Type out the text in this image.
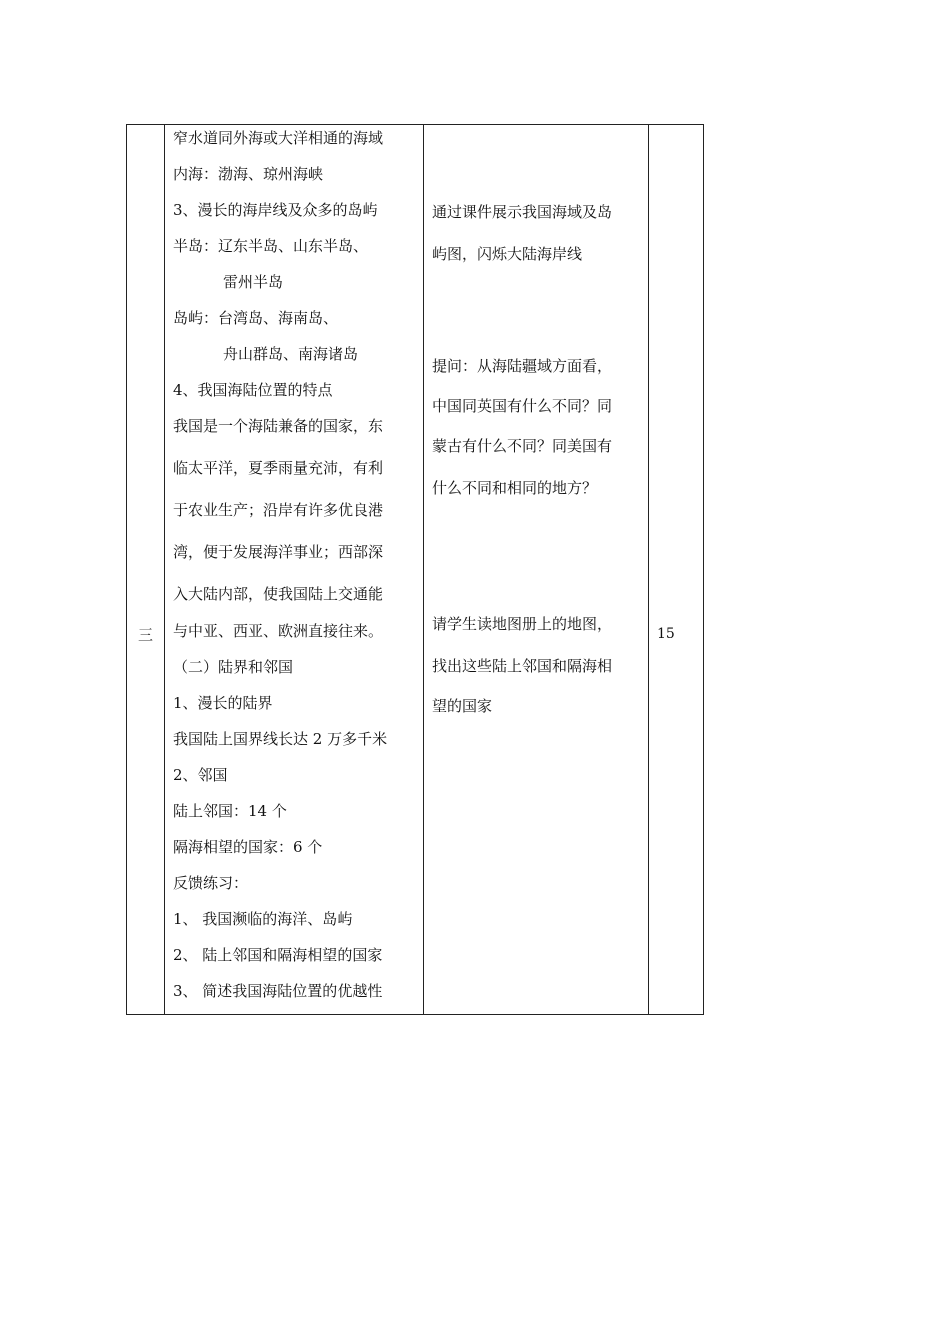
三
窄水道同外海或大洋相通的海域
内海：渤海、琼州海峡
3、漫长的海岸线及众多的岛屿
半岛：辽东半岛、山东半岛、
雷州半岛
岛屿：台湾岛、海南岛、
舟山群岛、南海诸岛
4、我国海陆位置的特点
我国是一个海陆兼备的国家，东
临太平洋，夏季雨量充沛，有利
于农业生产；沿岸有许多优良港
湾，便于发展海洋事业；西部深
入大陆内部，使我国陆上交通能
与中亚、西亚、欧洲直接往来。
（二）陆界和邻国
1、漫长的陆界
我国陆上国界线长达 2 万多千米
2、邻国
陆上邻国：14 个
隔海相望的国家：6 个
反馈练习：
1、 我国濒临的海洋、岛屿
2、 陆上邻国和隔海相望的国家
3、 简述我国海陆位置的优越性
通过课件展示我国海域及岛
屿图，闪烁大陆海岸线
提问：从海陆疆域方面看，
中国同英国有什么不同？同
蒙古有什么不同？同美国有
什么不同和相同的地方？
请学生读地图册上的地图，
找出这些陆上邻国和隔海相
望的国家
15
